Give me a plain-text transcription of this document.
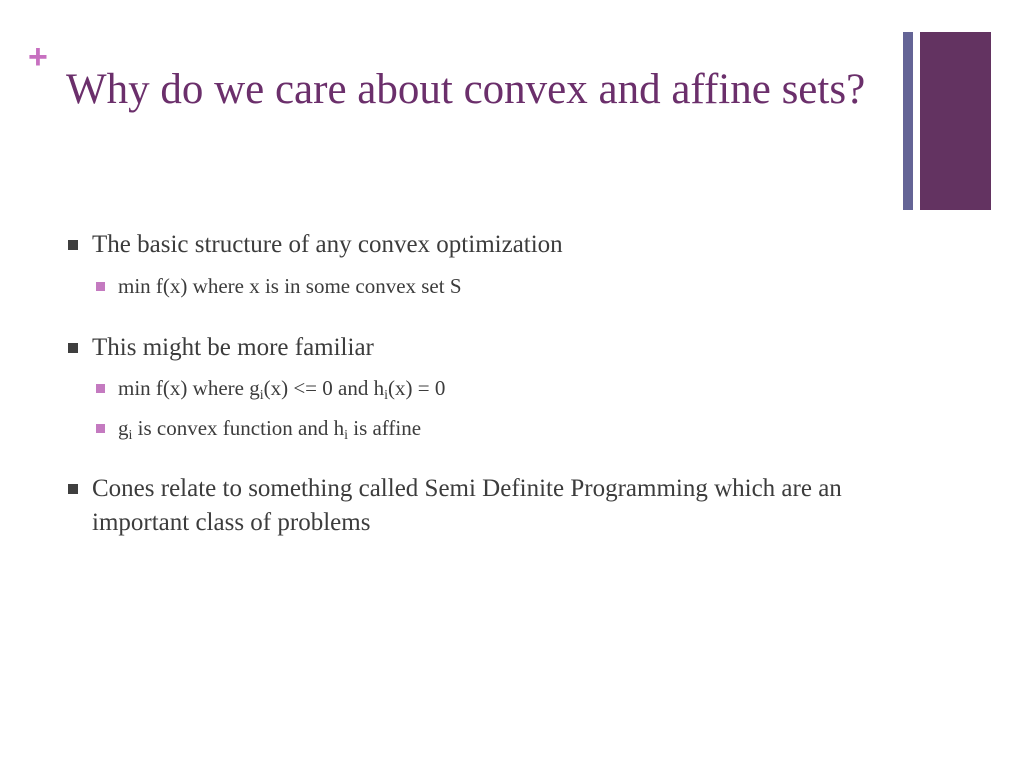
+
Why do we care about convex and affine sets?
The basic structure of any convex optimization
min f(x) where x is in some convex set S
This might be more familiar
min f(x) where $g_i(x) <= 0$ and $h_i(x) = 0$
$g_i$ is convex function and $h_i$ is affine
Cones relate to something called Semi Definite Programming which are an important class of problems
